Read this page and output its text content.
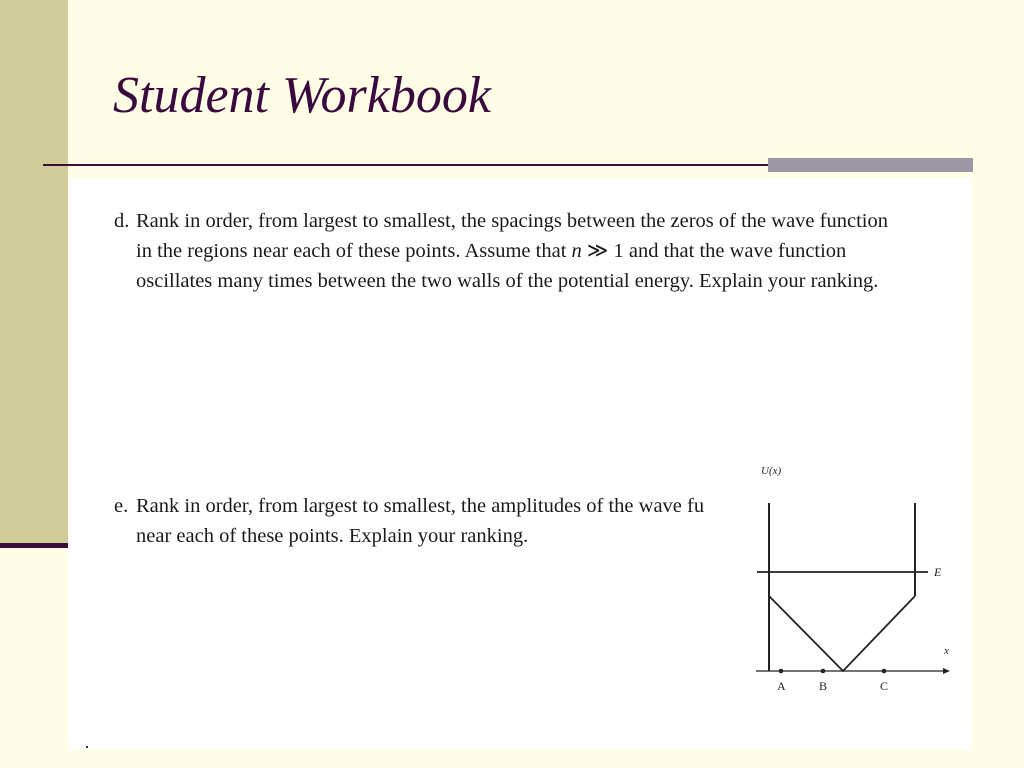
Student Workbook
d. Rank in order, from largest to smallest, the spacings between the zeros of the wave function
in the regions near each of these points. Assume that n ≫ 1 and that the wave function
oscillates many times between the two walls of the potential energy. Explain your ranking.
e. Rank in order, from largest to smallest, the amplitudes of the wave fu
near each of these points. Explain your ranking.
U(x)
E
x
A	B	C
